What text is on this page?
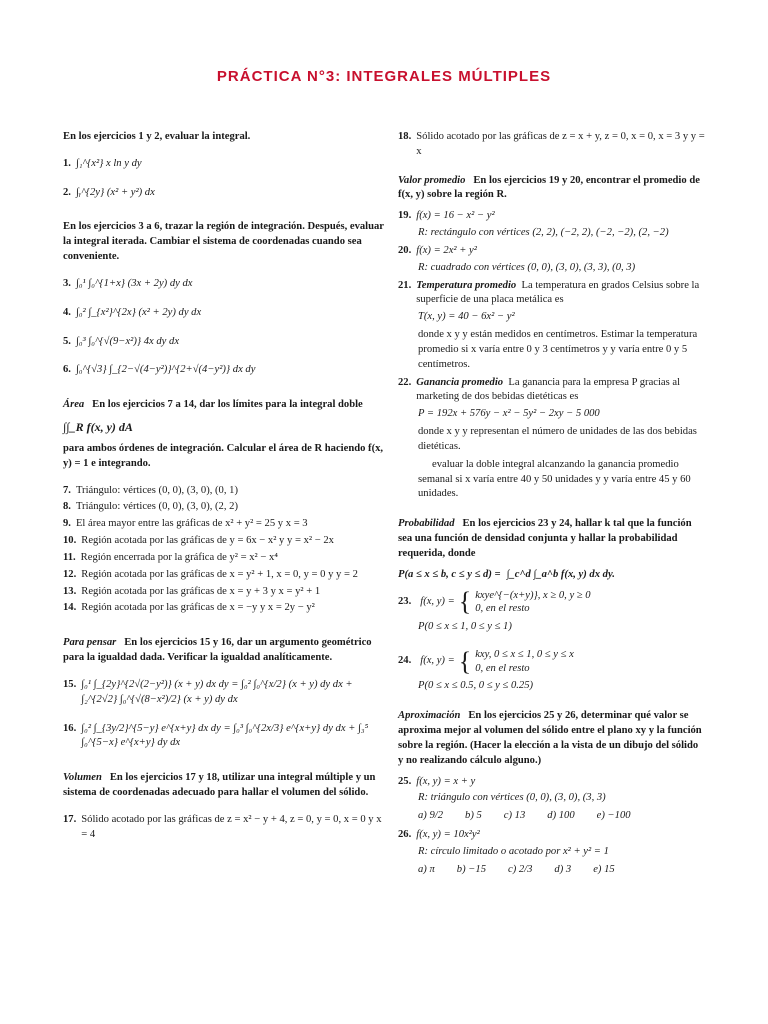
PRÁCTICA N°3: INTEGRALES MÚLTIPLES

En los ejercicios 1 y 2, evaluar la integral.

1. ∫₁^{x²} x ln y dy
2. ∫ᵧ^{2y} (x² + y²) dx

En los ejercicios 3 a 6, trazar la región de integración. Después, evaluar la integral iterada. Cambiar el sistema de coordenadas cuando sea conveniente.

3. ∫₀¹ ∫₀^{1+x} (3x + 2y) dy dx
4. ∫₀² ∫_{x²}^{2x} (x² + 2y) dy dx
5. ∫₀³ ∫₀^{√(9−x²)} 4x dy dx
6. ∫₀^{√3} ∫_{2−√(4−y²)}^{2+√(4−y²)} dx dy

Área En los ejercicios 7 a 14, dar los límites para la integral doble

∫∫_R f(x, y) dA

para ambos órdenes de integración. Calcular el área de R haciendo f(x, y) = 1 e integrando.

7. Triángulo: vértices (0, 0), (3, 0), (0, 1)
8. Triángulo: vértices (0, 0), (3, 0), (2, 2)
9. El área mayor entre las gráficas de x² + y² = 25 y x = 3
10. Región acotada por las gráficas de y = 6x − x² y y = x² − 2x
11. Región encerrada por la gráfica de y² = x² − x⁴
12. Región acotada por las gráficas de x = y² + 1, x = 0, y = 0 y y = 2
13. Región acotada por las gráficas de x = y + 3 y x = y² + 1
14. Región acotada por las gráficas de x = −y y x = 2y − y²

Para pensar En los ejercicios 15 y 16, dar un argumento geométrico para la igualdad dada. Verificar la igualdad analíticamente.

15. ∫₀¹ ∫_{2y}^{2√(2−y²)} (x + y) dx dy = ∫₀² ∫₀^{x/2} (x + y) dy dx + ∫₂^{2√2} ∫₀^{√(8−x²)/2} (x + y) dy dx
16. ∫₀² ∫_{3y/2}^{5−y} e^{x+y} dx dy = ∫₀³ ∫₀^{2x/3} e^{x+y} dy dx + ∫₃⁵ ∫₀^{5−x} e^{x+y} dy dx

Volumen En los ejercicios 17 y 18, utilizar una integral múltiple y un sistema de coordenadas adecuado para hallar el volumen del sólido.

17. Sólido acotado por las gráficas de z = x² − y + 4, z = 0, y = 0, x = 0 y x = 4
18. Sólido acotado por las gráficas de z = x + y, z = 0, x = 0, x = 3 y y = x

Valor promedio En los ejercicios 19 y 20, encontrar el promedio de f(x, y) sobre la región R.

19. f(x) = 16 − x² − y²
R: rectángulo con vértices (2, 2), (−2, 2), (−2, −2), (2, −2)
20. f(x) = 2x² + y²
R: cuadrado con vértices (0, 0), (3, 0), (3, 3), (0, 3)
21. Temperatura promedio La temperatura en grados Celsius sobre la superficie de una placa metálica es
T(x, y) = 40 − 6x² − y²
donde x y y están medidos en centímetros. Estimar la temperatura promedio si x varía entre 0 y 3 centímetros y y varía entre 0 y 5 centímetros.
22. Ganancia promedio La ganancia para la empresa P gracias al marketing de dos bebidas dietéticas es
P = 192x + 576y − x² − 5y² − 2xy − 5 000
donde x y y representan el número de unidades de las dos bebidas dietéticas.
evaluar la doble integral alcanzando la ganancia promedio semanal si x varía entre 40 y 50 unidades y y varía entre 45 y 60 unidades.

Probabilidad En los ejercicios 23 y 24, hallar k tal que la función sea una función de densidad conjunta y hallar la probabilidad requerida, donde

P(a ≤ x ≤ b, c ≤ y ≤ d) = ∫_c^d ∫_a^b f(x, y) dx dy.
23. f(x, y) = { kxye^{−(x+y)}, x ≥ 0, y ≥ 0
0, en el resto
P(0 ≤ x ≤ 1, 0 ≤ y ≤ 1)
24. f(x, y) = { kxy, 0 ≤ x ≤ 1, 0 ≤ y ≤ x
0, en el resto
P(0 ≤ x ≤ 0.5, 0 ≤ y ≤ 0.25)

Aproximación En los ejercicios 25 y 26, determinar qué valor se aproxima mejor al volumen del sólido entre el plano xy y la función sobre la región. (Hacer la elección a la vista de un dibujo del sólido y no realizando cálculo alguno.)

25. f(x, y) = x + y
R: triángulo con vértices (0, 0), (3, 0), (3, 3)
a) 9/2 b) 5 c) 13 d) 100 e) −100
26. f(x, y) = 10x²y²
R: círculo limitado o acotado por x² + y² = 1
a) π b) −15 c) 2/3 d) 3 e) 15
